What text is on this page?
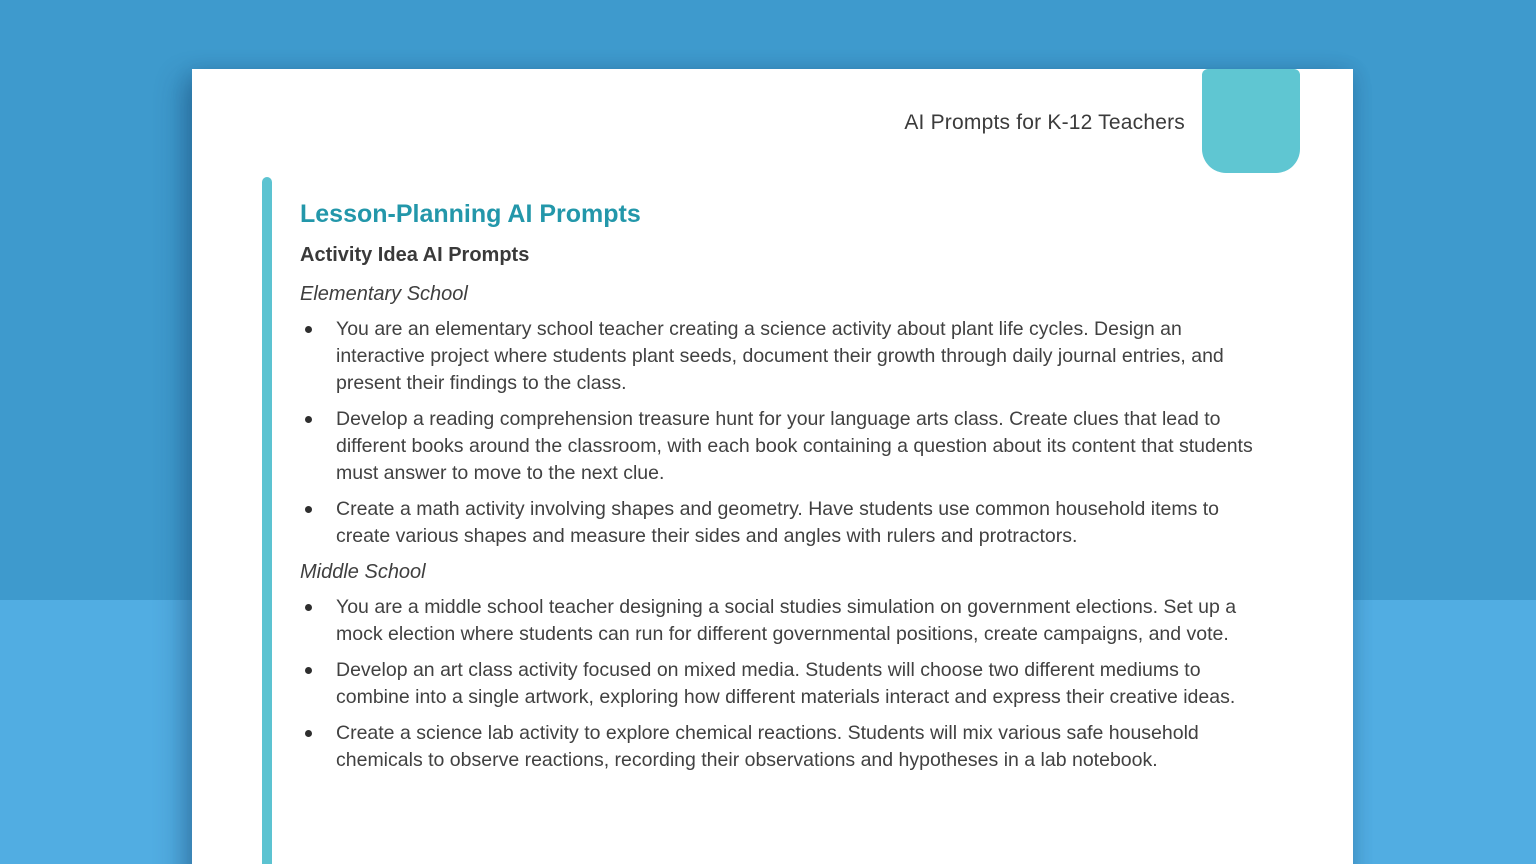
AI Prompts for K-12 Teachers
Lesson-Planning AI Prompts
Activity Idea AI Prompts
Elementary School
You are an elementary school teacher creating a science activity about plant life cycles. Design an interactive project where students plant seeds, document their growth through daily journal entries, and present their findings to the class.
Develop a reading comprehension treasure hunt for your language arts class. Create clues that lead to different books around the classroom, with each book containing a question about its content that students must answer to move to the next clue.
Create a math activity involving shapes and geometry. Have students use common household items to create various shapes and measure their sides and angles with rulers and protractors.
Middle School
You are a middle school teacher designing a social studies simulation on government elections. Set up a mock election where students can run for different governmental positions, create campaigns, and vote.
Develop an art class activity focused on mixed media. Students will choose two different mediums to combine into a single artwork, exploring how different materials interact and express their creative ideas.
Create a science lab activity to explore chemical reactions. Students will mix various safe household chemicals to observe reactions, recording their observations and hypotheses in a lab notebook.
